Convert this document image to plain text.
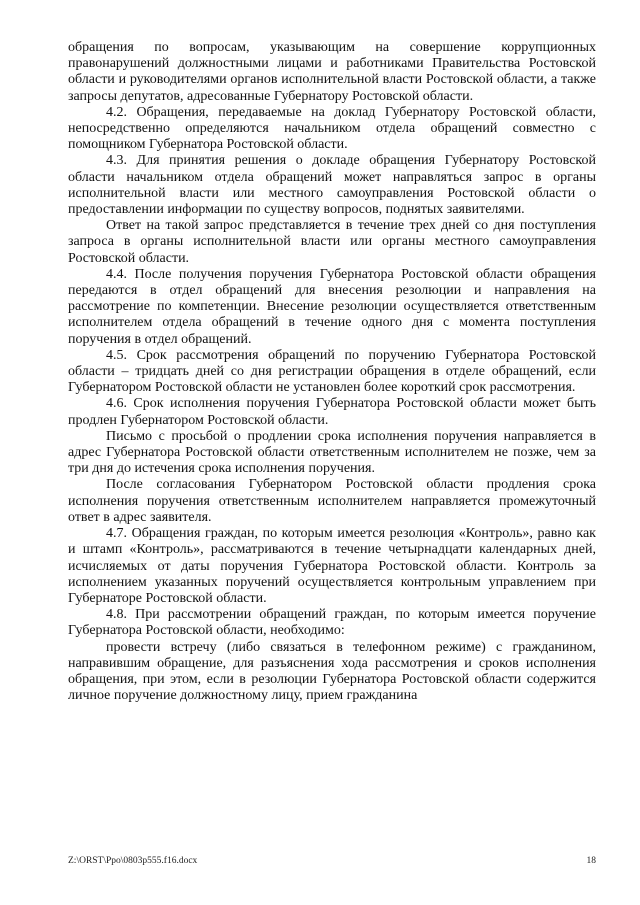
обращения по вопросам, указывающим на совершение коррупционных правонарушений должностными лицами и работниками Правительства Ростовской области и руководителями органов исполнительной власти Ростовской области, а также запросы депутатов, адресованные Губернатору Ростовской области.

4.2. Обращения, передаваемые на доклад Губернатору Ростовской области, непосредственно определяются начальником отдела обращений совместно с помощником Губернатора Ростовской области.

4.3. Для принятия решения о докладе обращения Губернатору Ростовской области начальником отдела обращений может направляться запрос в органы исполнительной власти или местного самоуправления Ростовской области о предоставлении информации по существу вопросов, поднятых заявителями.

Ответ на такой запрос представляется в течение трех дней со дня поступления запроса в органы исполнительной власти или органы местного самоуправления Ростовской области.

4.4. После получения поручения Губернатора Ростовской области обращения передаются в отдел обращений для внесения резолюции и направления на рассмотрение по компетенции. Внесение резолюции осуществляется ответственным исполнителем отдела обращений в течение одного дня с момента поступления поручения в отдел обращений.

4.5. Срок рассмотрения обращений по поручению Губернатора Ростовской области – тридцать дней со дня регистрации обращения в отделе обращений, если Губернатором Ростовской области не установлен более короткий срок рассмотрения.

4.6. Срок исполнения поручения Губернатора Ростовской области может быть продлен Губернатором Ростовской области.

Письмо с просьбой о продлении срока исполнения поручения направляется в адрес Губернатора Ростовской области ответственным исполнителем не позже, чем за три дня до истечения срока исполнения поручения.

После согласования Губернатором Ростовской области продления срока исполнения поручения ответственным исполнителем направляется промежуточный ответ в адрес заявителя.

4.7. Обращения граждан, по которым имеется резолюция «Контроль», равно как и штамп «Контроль», рассматриваются в течение четырнадцати календарных дней, исчисляемых от даты поручения Губернатора Ростовской области. Контроль за исполнением указанных поручений осуществляется контрольным управлением при Губернаторе Ростовской области.

4.8. При рассмотрении обращений граждан, по которым имеется поручение Губернатора Ростовской области, необходимо:

провести встречу (либо связаться в телефонном режиме) с гражданином, направившим обращение, для разъяснения хода рассмотрения и сроков исполнения обращения, при этом, если в резолюции Губернатора Ростовской области содержится личное поручение должностному лицу, прием гражданина

Z:\ORST\Ppo\0803p555.f16.docx	18
